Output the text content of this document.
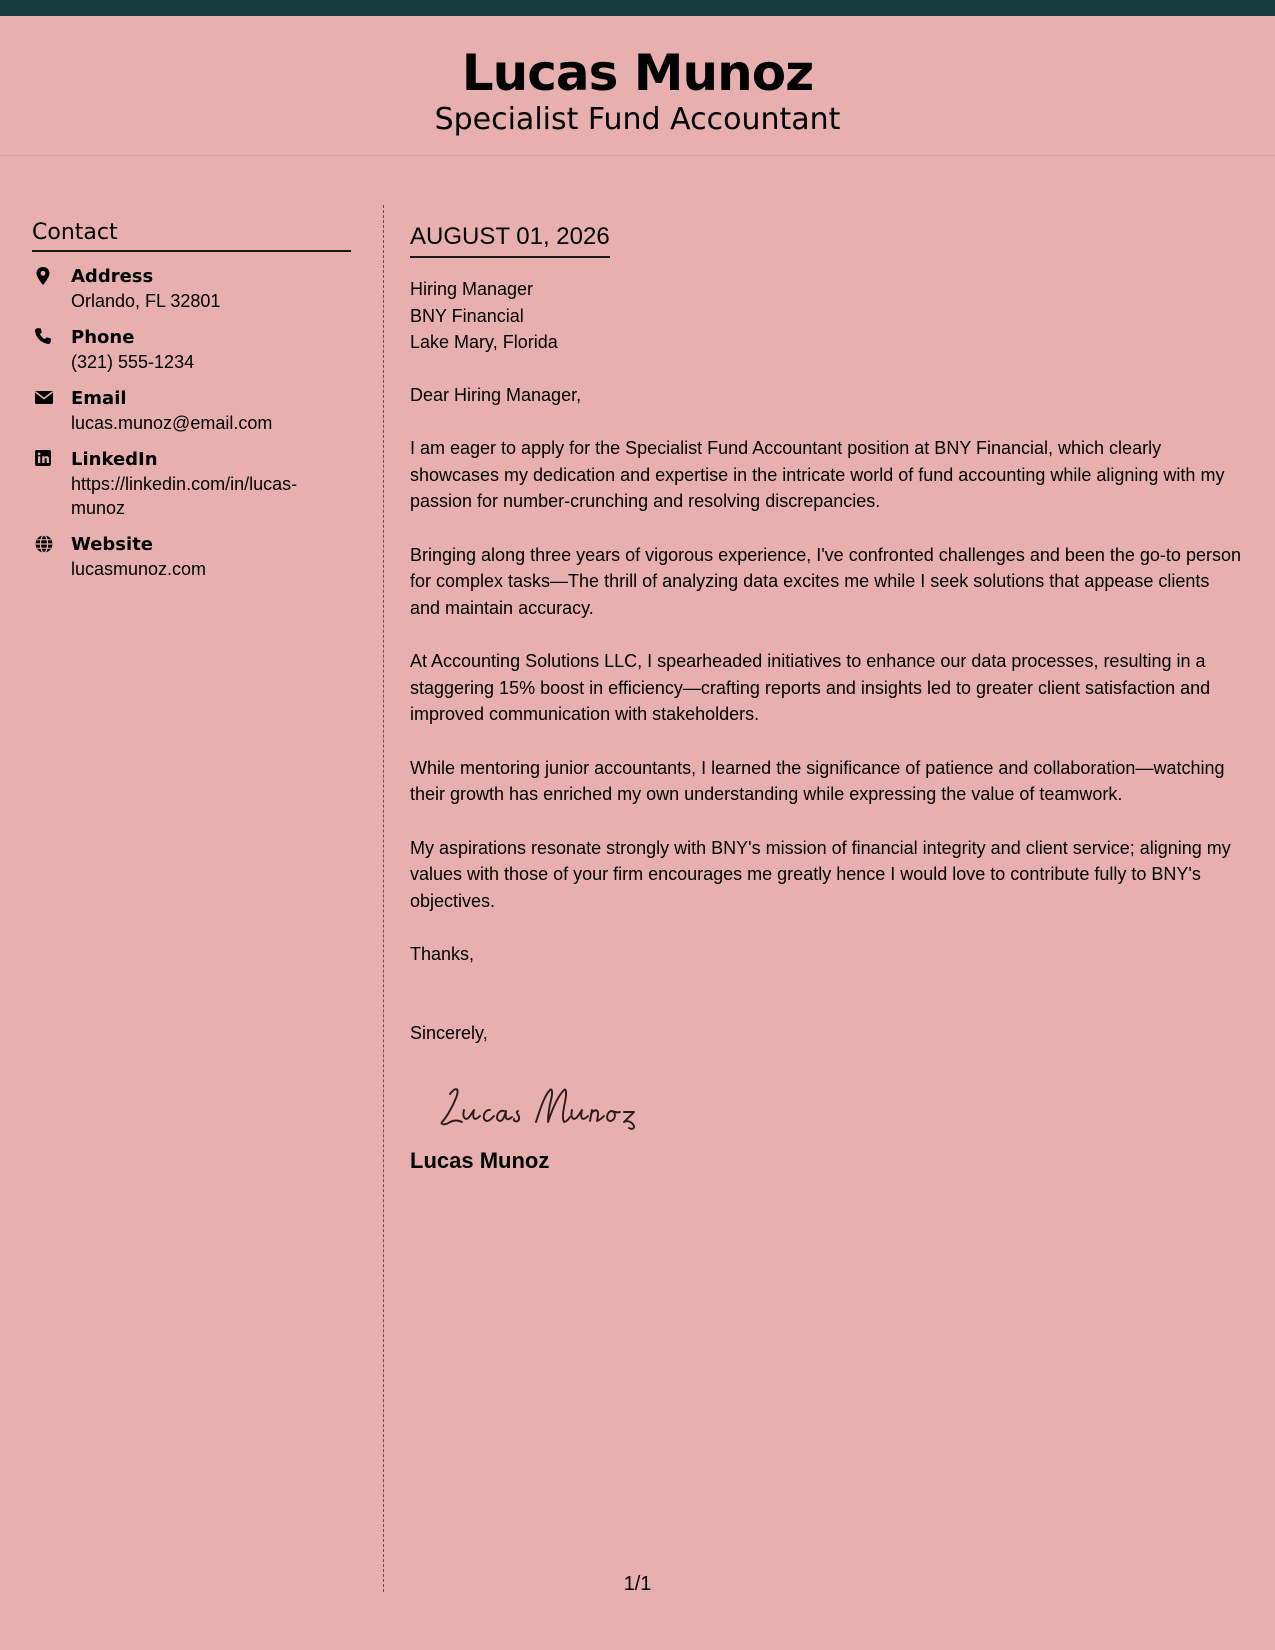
Lucas Munoz
Specialist Fund Accountant
Contact
Address
Orlando, FL 32801
Phone
(321) 555-1234
Email
lucas.munoz@email.com
LinkedIn
https://linkedin.com/in/lucas-munoz
Website
lucasmunoz.com
AUGUST 01, 2026
Hiring Manager
BNY Financial
Lake Mary, Florida
Dear Hiring Manager,
I am eager to apply for the Specialist Fund Accountant position at BNY Financial, which clearly showcases my dedication and expertise in the intricate world of fund accounting while aligning with my passion for number-crunching and resolving discrepancies.
Bringing along three years of vigorous experience, I've confronted challenges and been the go-to person for complex tasks—The thrill of analyzing data excites me while I seek solutions that appease clients and maintain accuracy.
At Accounting Solutions LLC, I spearheaded initiatives to enhance our data processes, resulting in a staggering 15% boost in efficiency—crafting reports and insights led to greater client satisfaction and improved communication with stakeholders.
While mentoring junior accountants, I learned the significance of patience and collaboration—watching their growth has enriched my own understanding while expressing the value of teamwork.
My aspirations resonate strongly with BNY's mission of financial integrity and client service; aligning my values with those of your firm encourages me greatly hence I would love to contribute fully to BNY's objectives.
Thanks,
Sincerely,
Lucas Munoz
1/1
